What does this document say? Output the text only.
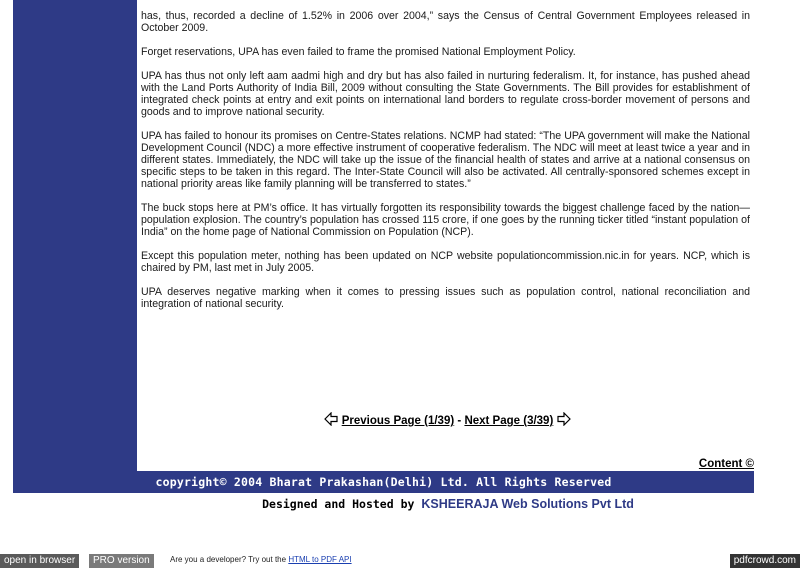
has, thus, recorded a decline of 1.52% in 2006 over 2004,” says the Census of Central Government Employees released in October 2009.

Forget reservations, UPA has even failed to frame the promised National Employment Policy.

UPA has thus not only left aam aadmi high and dry but has also failed in nurturing federalism. It, for instance, has pushed ahead with the Land Ports Authority of India Bill, 2009 without consulting the State Governments. The Bill provides for establishment of integrated check points at entry and exit points on international land borders to regulate cross-border movement of persons and goods and to improve national security.

UPA has failed to honour its promises on Centre-States relations. NCMP had stated: “The UPA government will make the National Development Council (NDC) a more effective instrument of cooperative federalism. The NDC will meet at least twice a year and in different states. Immediately, the NDC will take up the issue of the financial health of states and arrive at a national consensus on specific steps to be taken in this regard. The Inter-State Council will also be activated. All centrally-sponsored schemes except in national priority areas like family planning will be transferred to states.”

The buck stops here at PM’s office. It has virtually forgotten its responsibility towards the biggest challenge faced by the nation— population explosion. The country’s population has crossed 115 crore, if one goes by the running ticker titled “instant population of India” on the home page of National Commission on Population (NCP).

Except this population meter, nothing has been updated on NCP website populationcommission.nic.in for years. NCP, which is chaired by PM, last met in July 2005.

UPA deserves negative marking when it comes to pressing issues such as population control, national reconciliation and integration of national security.

Previous Page (1/39) - Next Page (3/39)
Content ©
copyright© 2004 Bharat Prakashan(Delhi) Ltd. All Rights Reserved
Designed and Hosted by KSHEERAJA Web Solutions Pvt Ltd
open in browser	PRO version	Are you a developer? Try out the HTML to PDF API	pdfcrowd.com
